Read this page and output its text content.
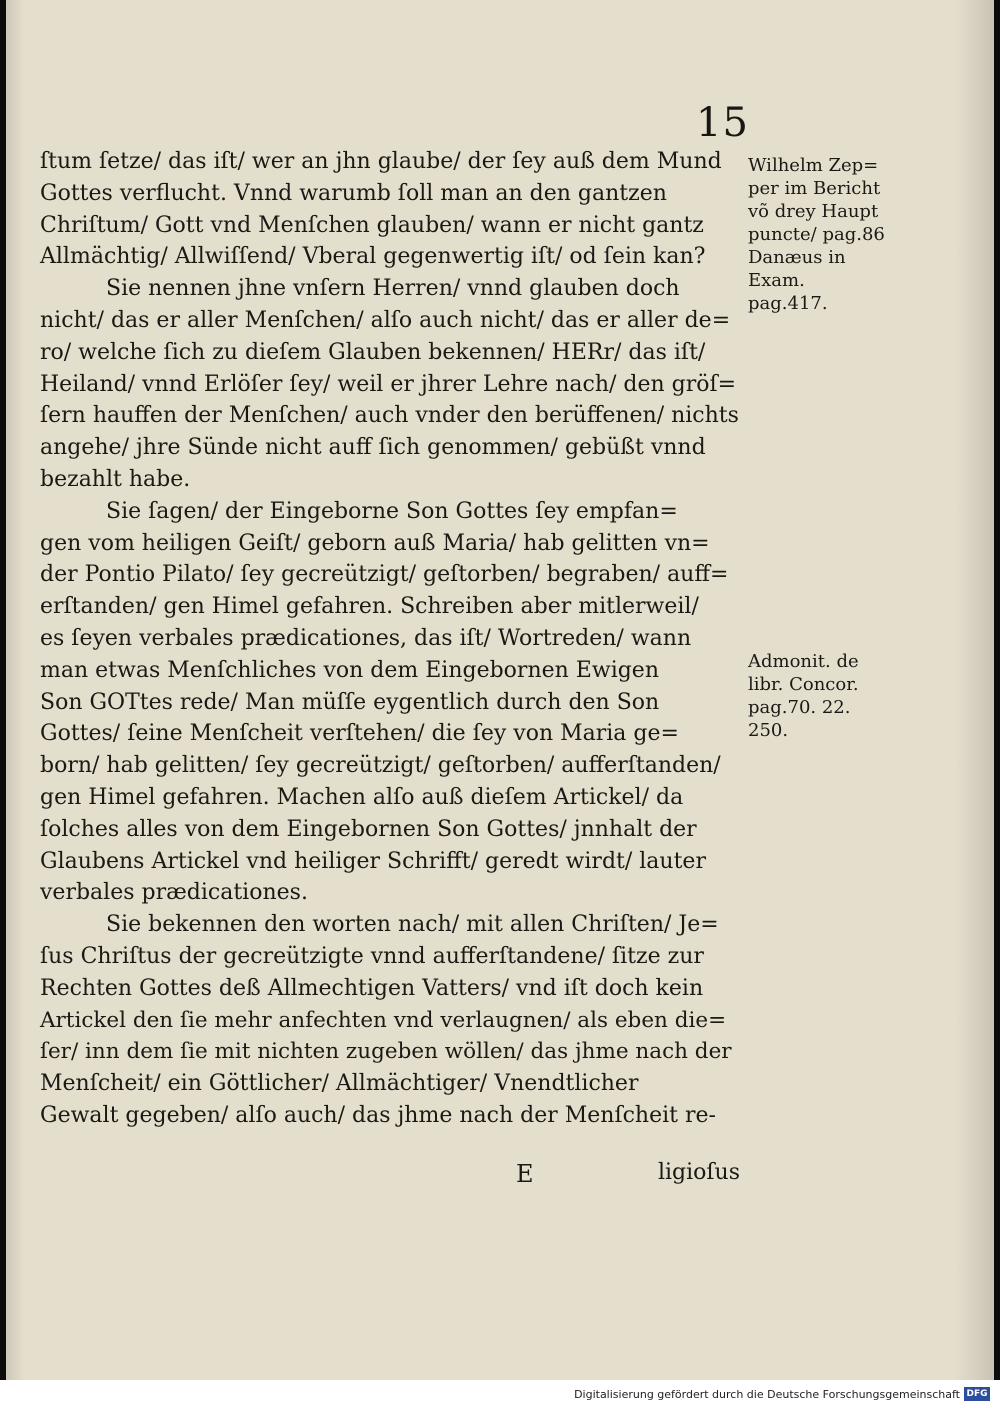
15
ſtum ſetze/ das iſt/ wer an jhn glaube/ der ſey auß dem Mund
Gottes verflucht. Vnnd warumb ſoll man an den gantzen
Chriſtum/ Gott vnd Menſchen glauben/ wann er nicht gantz
Allmächtig/ Allwiſſend/ Vberal gegenwertig iſt/ od ſein kan?
Sie nennen jhne vnſern Herren/ vnnd glauben doch
nicht/ das er aller Menſchen/ alſo auch nicht/ das er aller de=
ro/ welche ſich zu dieſem Glauben bekennen/ HERr/ das iſt/
Heiland/ vnnd Erlöſer ſey/ weil er jhrer Lehre nach/ den gröſ=
ſern hauffen der Menſchen/ auch vnder den berüffenen/ nichts
angehe/ jhre Sünde nicht auff ſich genommen/ gebüßt vnnd
bezahlt habe.
Sie ſagen/ der Eingeborne Son Gottes ſey empfan=
gen vom heiligen Geiſt/ geborn auß Maria/ hab gelitten vn=
der Pontio Pilato/ ſey gecreützigt/ geſtorben/ begraben/ auff=
erſtanden/ gen Himel gefahren. Schreiben aber mitlerweil/
es ſeyen verbales prædicationes, das iſt/ Wortreden/ wann
man etwas Menſchliches von dem Eingebornen Ewigen
Son GOTtes rede/ Man müſſe eygentlich durch den Son
Gottes/ ſeine Menſcheit verſtehen/ die ſey von Maria ge=
born/ hab gelitten/ ſey gecreützigt/ geſtorben/ aufferſtanden/
gen Himel gefahren. Machen alſo auß dieſem Artickel/ da
ſolches alles von dem Eingebornen Son Gottes/ jnnhalt der
Glaubens Artickel vnd heiliger Schrifft/ geredt wirdt/ lauter
verbales prædicationes.
Sie bekennen den worten nach/ mit allen Chriſten/ Je=
ſus Chriſtus der gecreützigte vnnd aufferſtandene/ ſitze zur
Rechten Gottes deß Allmechtigen Vatters/ vnd iſt doch kein
Artickel den ſie mehr anfechten vnd verlaugnen/ als eben die=
ſer/ inn dem ſie mit nichten zugeben wöllen/ das jhme nach der
Menſcheit/ ein Göttlicher/ Allmächtiger/ Vnendtlicher
Gewalt gegeben/ alſo auch/ das jhme nach der Menſcheit re-
Wilhelm Zep=
per im Bericht
võ drey Haupt
puncte/ pag.86
Danæus in
Exam.
pag.417.
Admonit. de
libr. Concor.
pag.70. 22.
250.
E	ligioſus
Digitalisierung gefördert durch die Deutsche Forschungsgemeinschaft DFG
